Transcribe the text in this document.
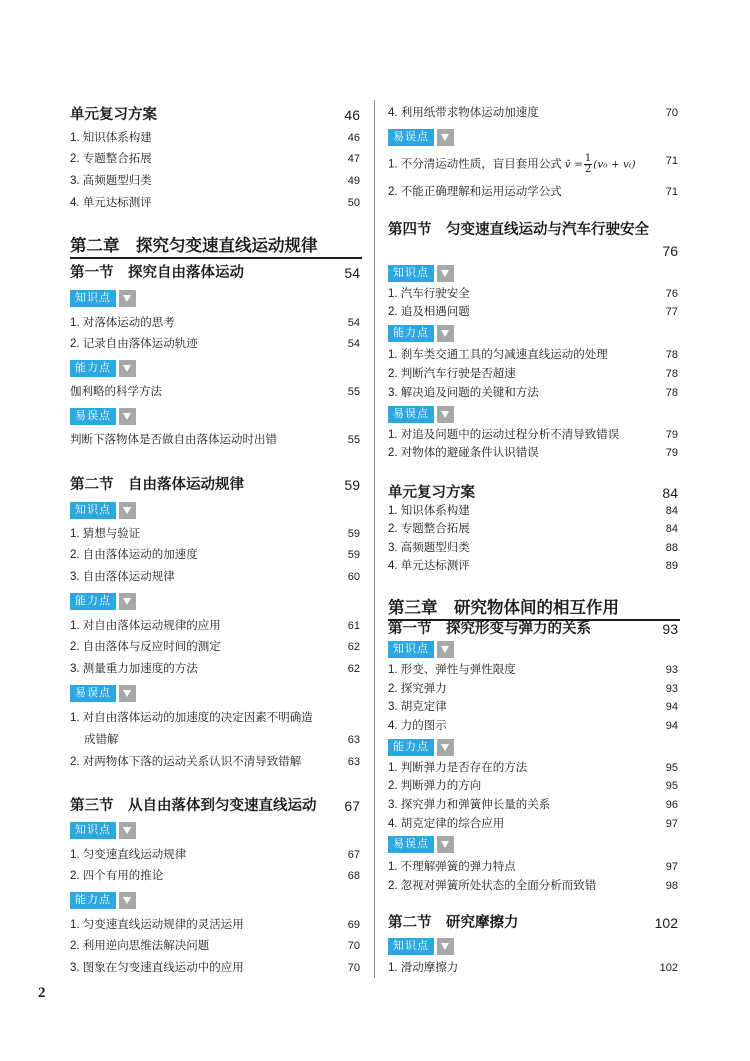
单元复习方案	46
1. 知识体系构建	46
2. 专题整合拓展	47
3. 高频题型归类	49
4. 单元达标测评	50
第二章　探究匀变速直线运动规律
第一节　探究自由落体运动	54
知识点
1. 对落体运动的思考	54
2. 记录自由落体运动轨迹	54
能力点
伽利略的科学方法	55
易误点
判断下落物体是否做自由落体运动时出错	55
第二节　自由落体运动规律	59
知识点
1. 猜想与验证	59
2. 自由落体运动的加速度	59
3. 自由落体运动规律	60
能力点
1. 对自由落体运动规律的应用	61
2. 自由落体与反应时间的测定	62
3. 测量重力加速度的方法	62
易误点
1. 对自由落体运动的加速度的决定因素不明确造
成错解	63
2. 对两物体下落的运动关系认识不清导致错解	63
第三节　从自由落体到匀变速直线运动 67
知识点
1. 匀变速直线运动规律	67
2. 四个有用的推论	68
能力点
1. 匀变速直线运动规律的灵活运用	69
2. 利用逆向思维法解决问题	70
3. 图象在匀变速直线运动中的应用	70
4. 利用纸带求物体运动加速度	70
易误点
1. 不分清运动性质，盲目套用公式 v̄ = $\frac{1}{2}(v_0 + v_t)$	71
2. 不能正确理解和运用运动学公式	71
第四节　匀变速直线运动与汽车行驶安全
76
知识点
1. 汽车行驶安全	76
2. 追及相遇问题	77
能力点
1. 刹车类交通工具的匀减速直线运动的处理	78
2. 判断汽车行驶是否超速	78
3. 解决追及问题的关键和方法	78
易误点
1. 对追及问题中的运动过程分析不清导致错误	79
2. 对物体的避碰条件认识错误	79
单元复习方案	84
1. 知识体系构建	84
2. 专题整合拓展	84
3. 高频题型归类	88
4. 单元达标测评	89
第三章　研究物体间的相互作用
第一节　探究形变与弹力的关系	93
知识点
1. 形变、弹性与弹性限度	93
2. 探究弹力	93
3. 胡克定律	94
4. 力的图示	94
能力点
1. 判断弹力是否存在的方法	95
2. 判断弹力的方向	95
3. 探究弹力和弹簧伸长量的关系	96
4. 胡克定律的综合应用	97
易误点
1. 不理解弹簧的弹力特点	97
2. 忽视对弹簧所处状态的全面分析而致错	98
第二节　研究摩擦力	102
知识点
1. 滑动摩擦力	102
2
